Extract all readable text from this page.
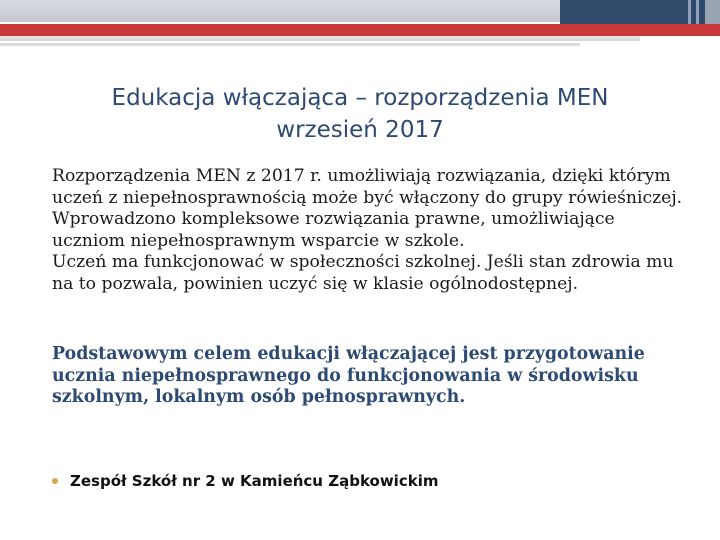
Edukacja włączająca – rozporządzenia MEN
wrzesień 2017

Rozporządzenia MEN z 2017 r. umożliwiają rozwiązania, dzięki którym uczeń z niepełnosprawnością może być włączony do grupy rówieśniczej.

Wprowadzono kompleksowe rozwiązania prawne, umożliwiające uczniom niepełnosprawnym wsparcie w szkole.

Uczeń ma funkcjonować w społeczności szkolnej. Jeśli stan zdrowia mu na to pozwala, powinien uczyć się w klasie ogólnodostępnej.

Podstawowym celem edukacji włączającej jest przygotowanie ucznia niepełnosprawnego do funkcjonowania w środowisku szkolnym, lokalnym osób pełnosprawnych.
Zespół Szkół nr 2 w Kamieńcu Ząbkowickim
